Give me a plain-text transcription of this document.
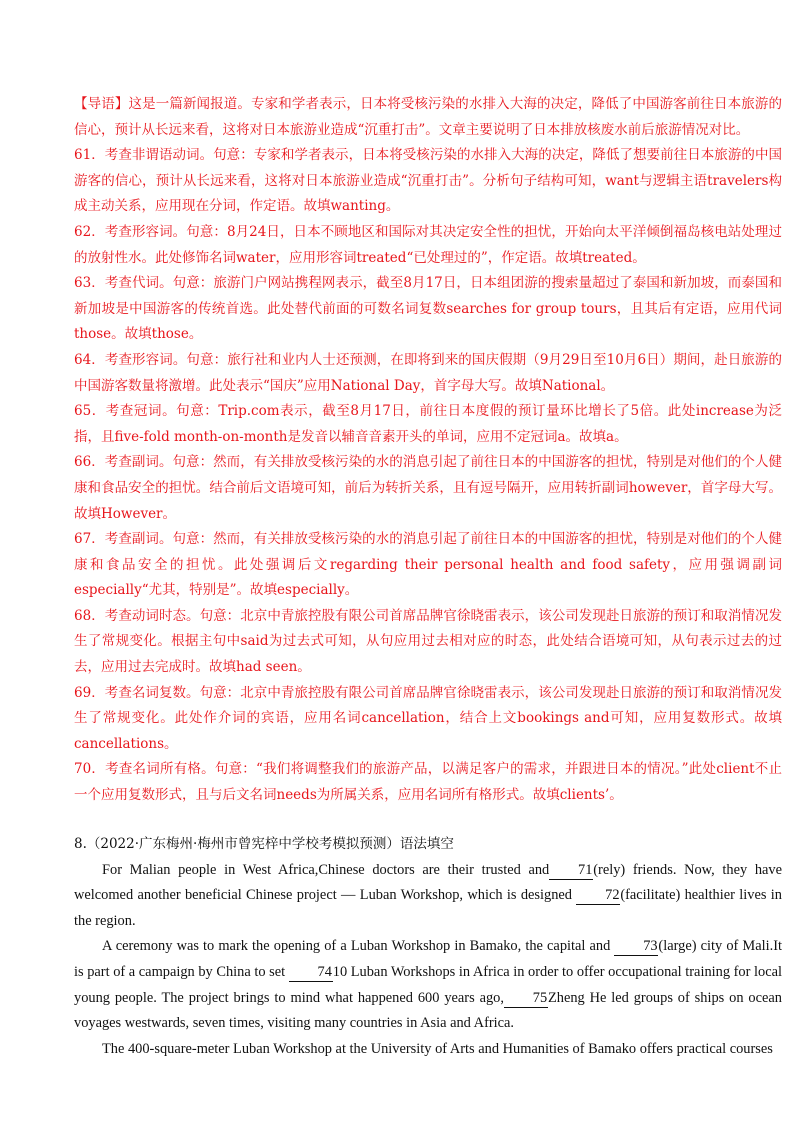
【导语】这是一篇新闻报道。专家和学者表示，日本将受核污染的水排入大海的决定，降低了中国游客前往日本旅游的信心，预计从长远来看，这将对日本旅游业造成“沉重打击”。文章主要说明了日本排放核废水前后旅游情况对比。

61．考查非谓语动词。句意：专家和学者表示，日本将受核污染的水排入大海的决定，降低了想要前往日本旅游的中国游客的信心，预计从长远来看，这将对日本旅游业造成“沉重打击”。分析句子结构可知，want与逻辑主语travelers构成主动关系，应用现在分词，作定语。故填wanting。

62．考查形容词。句意：8月24日，日本不顾地区和国际对其决定安全性的担忧，开始向太平洋倾倒福岛核电站处理过的放射性水。此处修饰名词water，应用形容词treated“已处理过的”，作定语。故填treated。

63．考查代词。句意：旅游门户网站携程网表示，截至8月17日，日本组团游的搜索量超过了泰国和新加坡，而泰国和新加坡是中国游客的传统首选。此处替代前面的可数名词复数searches for group tours，且其后有定语，应用代词those。故填those。

64．考查形容词。句意：旅行社和业内人士还预测，在即将到来的国庆假期（9月29日至10月6日）期间，赴日旅游的中国游客数量将激增。此处表示“国庆”应用National Day，首字母大写。故填National。

65．考查冠词。句意：Trip.com表示，截至8月17日，前往日本度假的预订量环比增长了5倍。此处increase为泛指，且five-fold month-on-month是发音以辅音音素开头的单词，应用不定冠词a。故填a。

66．考查副词。句意：然而，有关排放受核污染的水的消息引起了前往日本的中国游客的担忧，特别是对他们的个人健康和食品安全的担忧。结合前后文语境可知，前后为转折关系，且有逗号隔开，应用转折副词however，首字母大写。故填However。

67．考查副词。句意：然而，有关排放受核污染的水的消息引起了前往日本的中国游客的担忧，特别是对他们的个人健康和食品安全的担忧。此处强调后文regarding their personal health and food safety，应用强调副词especially“尤其，特别是”。故填especially。

68．考查动词时态。句意：北京中青旅控股有限公司首席品牌官徐晓雷表示，该公司发现赴日旅游的预订和取消情况发生了常规变化。根据主句中said为过去式可知，从句应用过去相对应的时态，此处结合语境可知，从句表示过去的过去，应用过去完成时。故填had seen。

69．考查名词复数。句意：北京中青旅控股有限公司首席品牌官徐晓雷表示，该公司发现赴日旅游的预订和取消情况发生了常规变化。此处作介词的宾语，应用名词cancellation，结合上文bookings and可知，应用复数形式。故填cancellations。

70．考查名词所有格。句意：“我们将调整我们的旅游产品，以满足客户的需求，并跟进日本的情况。”此处client不止一个应用复数形式，且与后文名词needs为所属关系，应用名词所有格形式。故填clients’。

8.（2022·广东梅州·梅州市曾宪梓中学校考模拟预测）语法填空

For Malian people in West Africa,Chinese doctors are their trusted and 71(rely) friends. Now, they have welcomed another beneficial Chinese project — Luban Workshop, which is designed 72(facilitate) healthier lives in the region.

A ceremony was to mark the opening of a Luban Workshop in Bamako, the capital and 73(large) city of Mali.It is part of a campaign by China to set 7410 Luban Workshops in Africa in order to offer occupational training for local young people. The project brings to mind what happened 600 years ago, 75Zheng He led groups of ships on ocean voyages westwards, seven times, visiting many countries in Asia and Africa.

The 400-square-meter Luban Workshop at the University of Arts and Humanities of Bamako offers practical courses
